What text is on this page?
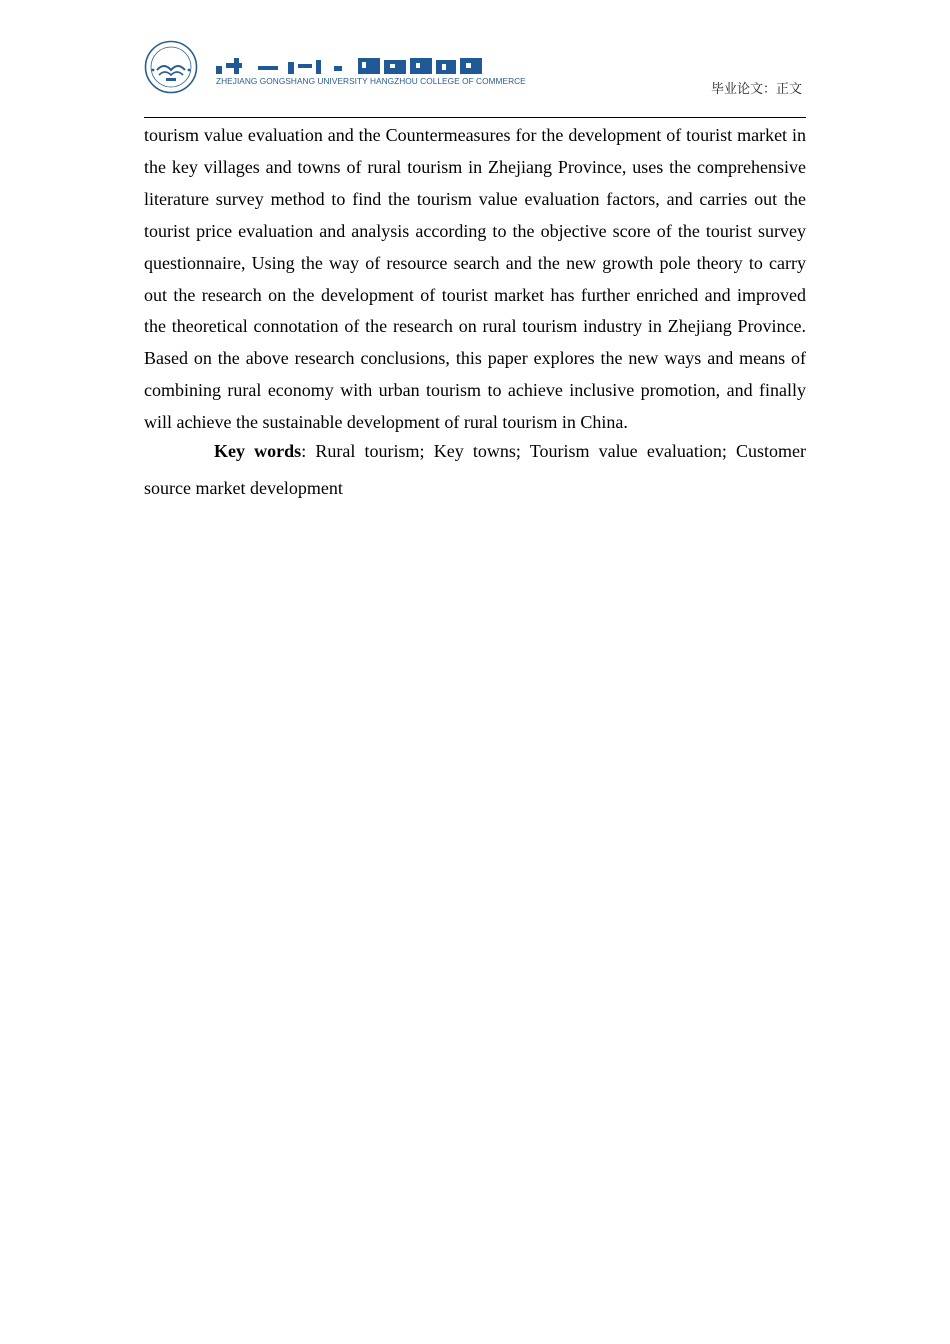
ZHEJIANG GONGSHANG UNIVERSITY HANGZHOU COLLEGE OF COMMERCE
毕业论文：正文

tourism value evaluation and the Countermeasures for the development of tourist market in the key villages and towns of rural tourism in Zhejiang Province, uses the comprehensive literature survey method to find the tourism value evaluation factors, and carries out the tourist price evaluation and analysis according to the objective score of the tourist survey questionnaire, Using the way of resource search and the new growth pole theory to carry out the research on the development of tourist market has further enriched and improved the theoretical connotation of the research on rural tourism industry in Zhejiang Province. Based on the above research conclusions, this paper explores the new ways and means of combining rural economy with urban tourism to achieve inclusive promotion, and finally will achieve the sustainable development of rural tourism in China.

Key words: Rural tourism; Key towns; Tourism value evaluation; Customer source market development
